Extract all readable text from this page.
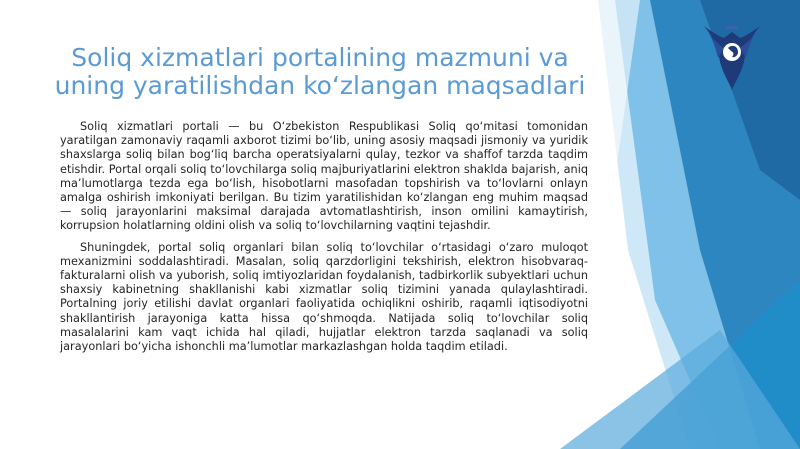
Soliq xizmatlari portalining mazmuni va uning yaratilishdan ko‘zlangan maqsadlari

Soliq xizmatlari portali — bu O‘zbekiston Respublikasi Soliq qo‘mitasi tomonidan yaratilgan zamonaviy raqamli axborot tizimi bo‘lib, uning asosiy maqsadi jismoniy va yuridik shaxslarga soliq bilan bog‘liq barcha operatsiyalarni qulay, tezkor va shaffof tarzda taqdim etishdir. Portal orqali soliq to‘lovchilarga soliq majburiyatlarini elektron shaklda bajarish, aniq ma’lumotlarga tezda ega bo‘lish, hisobotlarni masofadan topshirish va to‘lovlarni onlayn amalga oshirish imkoniyati berilgan. Bu tizim yaratilishidan ko‘zlangan eng muhim maqsad — soliq jarayonlarini maksimal darajada avtomatlashtirish, inson omilini kamaytirish, korrupsion holatlarning oldini olish va soliq to‘lovchilarning vaqtini tejashdir.

Shuningdek, portal soliq organlari bilan soliq to‘lovchilar o‘rtasidagi o‘zaro muloqot mexanizmini soddalashtiradi. Masalan, soliq qarzdorligini tekshirish, elektron hisobvaraq-fakturalarni olish va yuborish, soliq imtiyozlaridan foydalanish, tadbirkorlik subyektlari uchun shaxsiy kabinetning shakllanishi kabi xizmatlar soliq tizimini yanada qulaylashtiradi. Portalning joriy etilishi davlat organlari faoliyatida ochiqlikni oshirib, raqamli iqtisodiyotni shakllantirish jarayoniga katta hissa qo‘shmoqda. Natijada soliq to‘lovchilar soliq masalalarini kam vaqt ichida hal qiladi, hujjatlar elektron tarzda saqlanadi va soliq jarayonlari bo‘yicha ishonchli ma’lumotlar markazlashgan holda taqdim etiladi.
